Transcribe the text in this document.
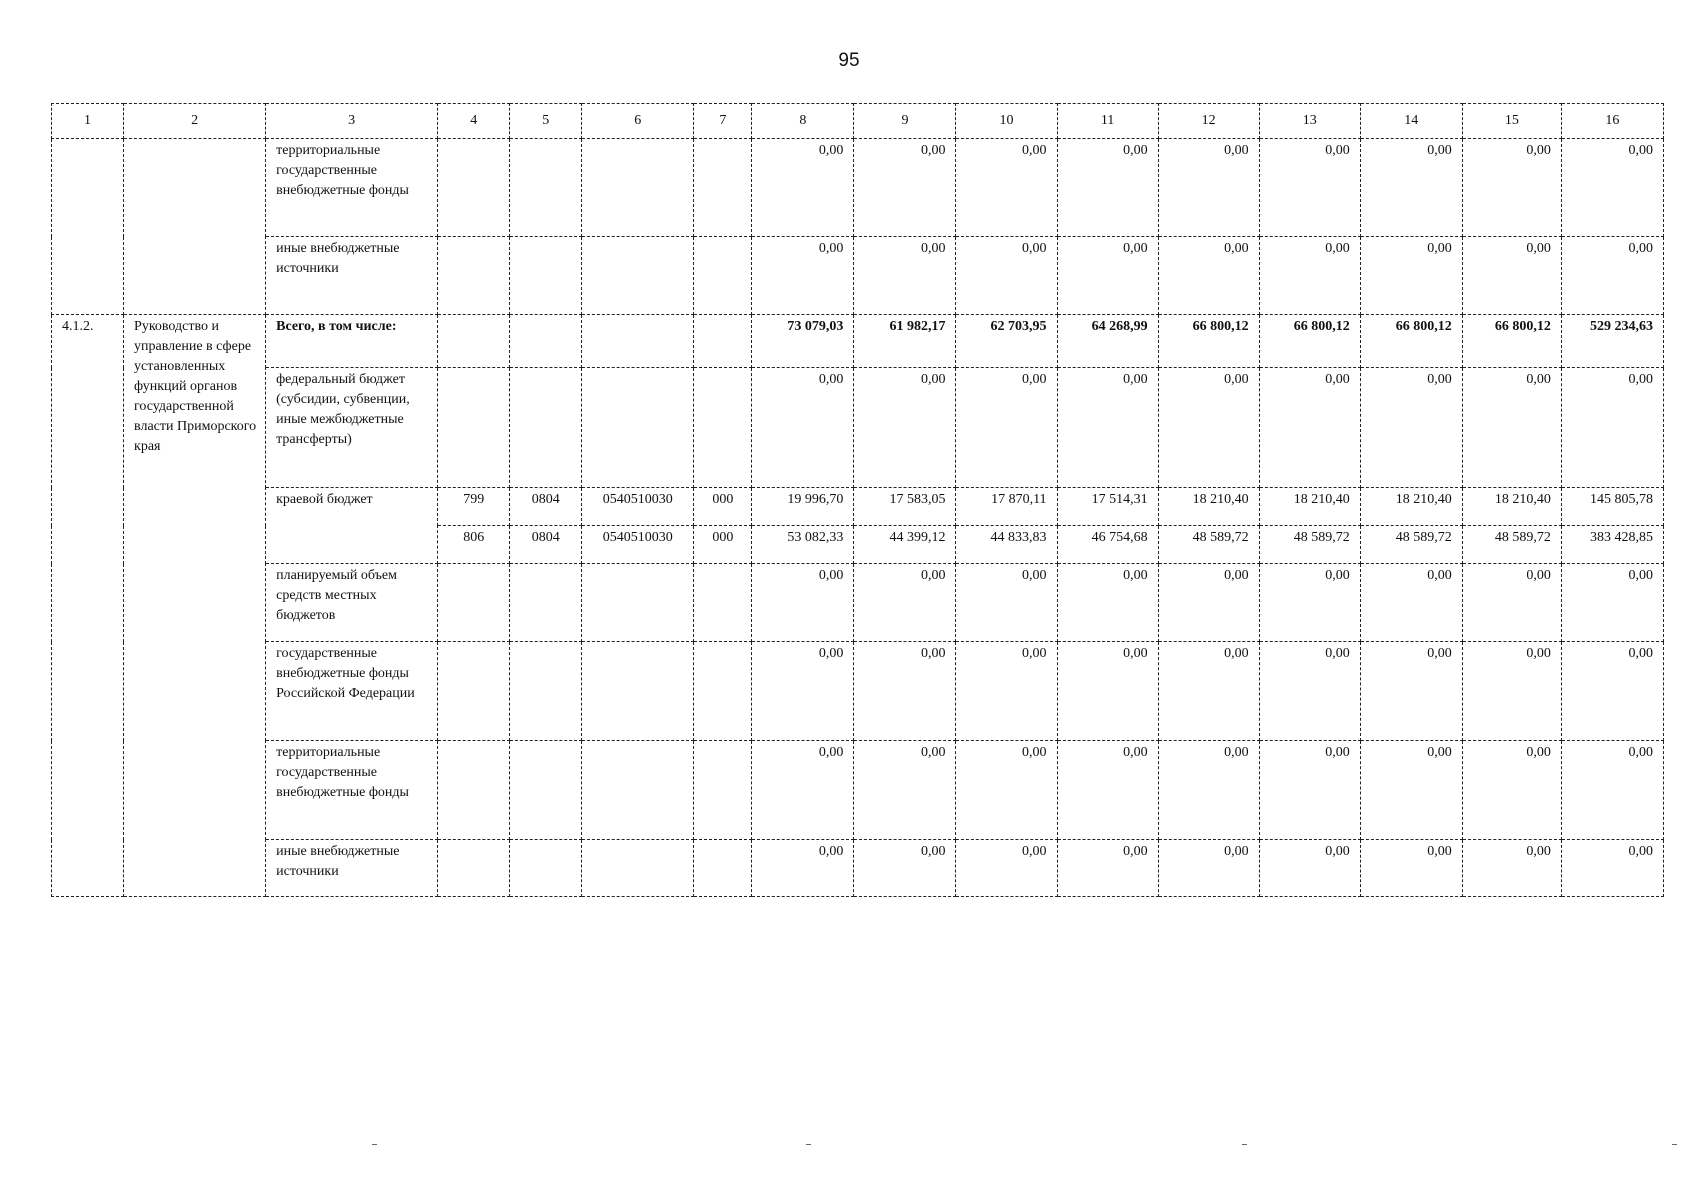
95
1	2	3	4	5	6	7	8	9	10	11	12	13	14	15	16
		территориальные государственные внебюджетные фонды					0,00	0,00	0,00	0,00	0,00	0,00	0,00	0,00	0,00
		иные внебюджетные источники					0,00	0,00	0,00	0,00	0,00	0,00	0,00	0,00	0,00
4.1.2.	Руководство и управление в сфере установленных функций органов государственной власти Приморского края	Всего, в том числе:					73 079,03	61 982,17	62 703,95	64 268,99	66 800,12	66 800,12	66 800,12	66 800,12	529 234,63
		федеральный бюджет (субсидии, субвенции, иные межбюджетные трансферты)					0,00	0,00	0,00	0,00	0,00	0,00	0,00	0,00	0,00
		краевой бюджет	799	0804	0540510030	000	19 996,70	17 583,05	17 870,11	17 514,31	18 210,40	18 210,40	18 210,40	18 210,40	145 805,78
			806	0804	0540510030	000	53 082,33	44 399,12	44 833,83	46 754,68	48 589,72	48 589,72	48 589,72	48 589,72	383 428,85
		планируемый объем средств местных бюджетов					0,00	0,00	0,00	0,00	0,00	0,00	0,00	0,00	0,00
		государственные внебюджетные фонды Российской Федерации					0,00	0,00	0,00	0,00	0,00	0,00	0,00	0,00	0,00
		территориальные государственные внебюджетные фонды					0,00	0,00	0,00	0,00	0,00	0,00	0,00	0,00	0,00
		иные внебюджетные источники					0,00	0,00	0,00	0,00	0,00	0,00	0,00	0,00	0,00
